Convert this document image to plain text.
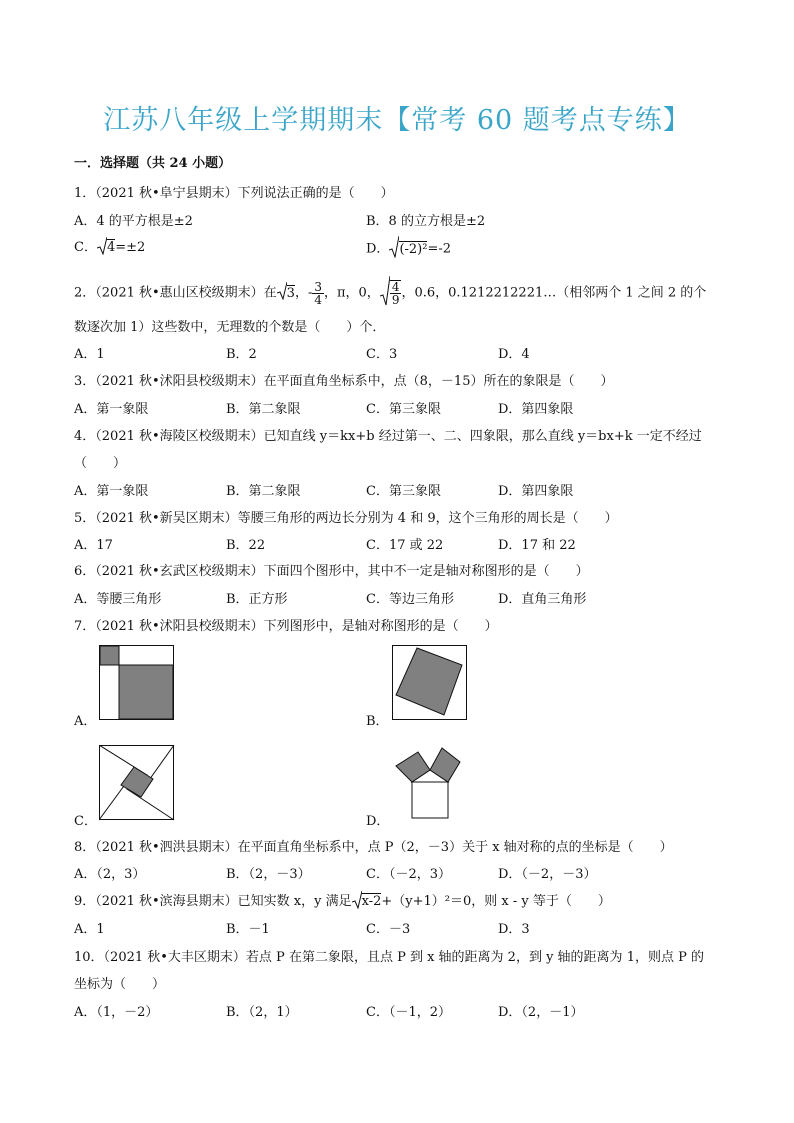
江苏八年级上学期期末【常考 60 题考点专练】
一．选择题（共 24 小题）
1．（2021 秋•阜宁县期末）下列说法正确的是（　　）
A．4 的平方根是±2	B．8 的立方根是±2
C． 4=±2	D． (-2)²=-2
2．（2021 秋•惠山区校级期末）在 3，- $\frac{3}{4}$ ，π，0， $\frac{4}{9}$ ，0.6，0.1212212221…（相邻两个 1 之间 2 的个
数逐次加 1）这些数中，无理数的个数是（　　）个．
A．1	B．2	C．3	D．4
3．（2021 秋•沭阳县校级期末）在平面直角坐标系中，点（8，－15）所在的象限是（　　）
A．第一象限	B．第二象限	C．第三象限	D．第四象限
4．（2021 秋•海陵区校级期末）已知直线 y＝kx+b 经过第一、二、四象限，那么直线 y＝bx+k 一定不经过
（　　）
A．第一象限	B．第二象限	C．第三象限	D．第四象限
5．（2021 秋•新吴区期末）等腰三角形的两边长分别为 4 和 9，这个三角形的周长是（　　）
A．17	B．22	C．17 或 22	D．17 和 22
6．（2021 秋•玄武区校级期末）下面四个图形中，其中不一定是轴对称图形的是（　　）
A．等腰三角形	B．正方形	C．等边三角形	D．直角三角形
7．（2021 秋•沭阳县校级期末）下列图形中，是轴对称图形的是（　　）
A．	B．
C．	D．
8．（2021 秋•泗洪县期末）在平面直角坐标系中，点 P（2，－3）关于 x 轴对称的点的坐标是（　　）
A．（2，3）	B．（2，－3）	C．（－2，3）	D．（－2，－3）
9．（2021 秋•滨海县期末）已知实数 x，y 满足 x-2+（y+1）²＝0，则 x - y 等于（　　）
A．1	B．－1	C．－3	D．3
10．（2021 秋•大丰区期末）若点 P 在第二象限，且点 P 到 x 轴的距离为 2，到 y 轴的距离为 1，则点 P 的
坐标为（　　）
A．（1，－2）	B．（2，1）	C．（－1，2）	D．（2，－1）
